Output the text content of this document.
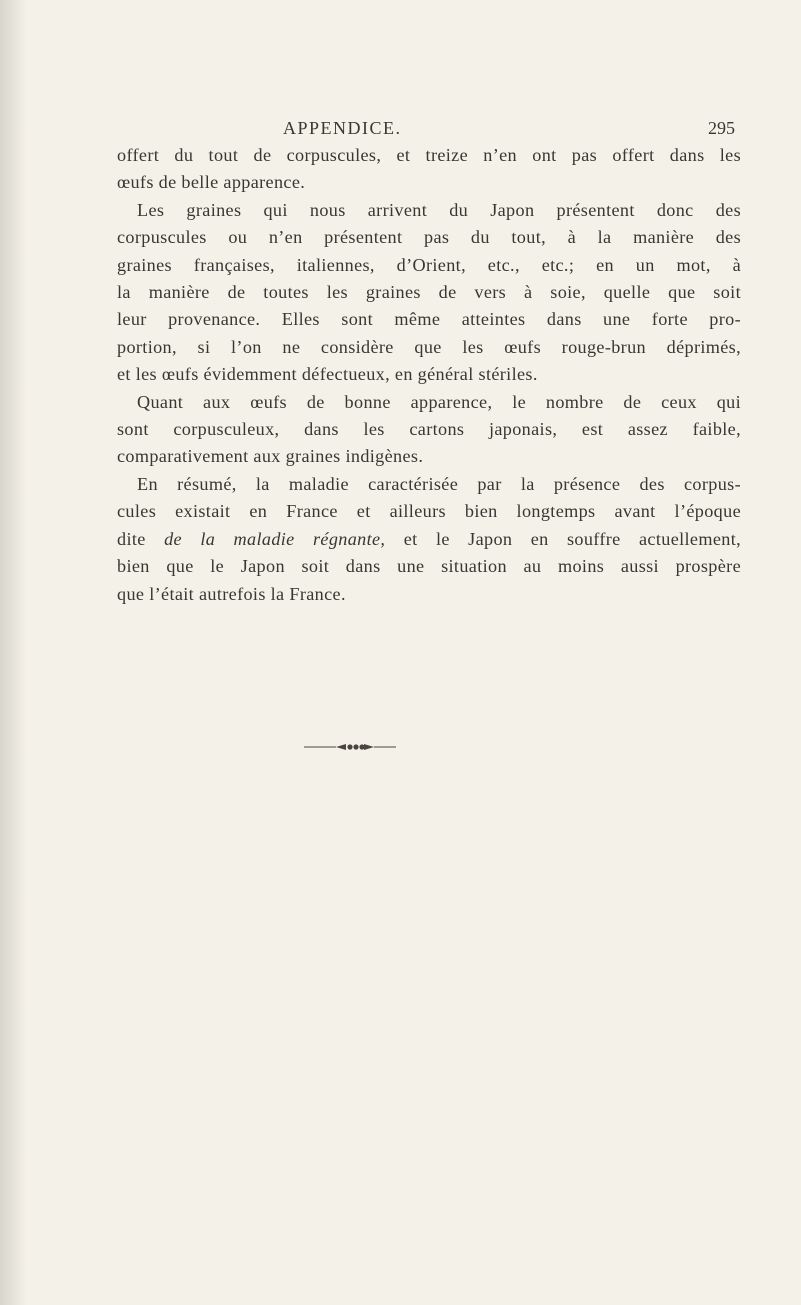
APPENDICE.	295
offert du tout de corpuscules, et treize n’en ont pas offert dans les
œufs de belle apparence.
Les graines qui nous arrivent du Japon présentent donc des
corpuscules ou n’en présentent pas du tout, à la manière des
graines françaises, italiennes, d’Orient, etc., etc.; en un mot, à
la manière de toutes les graines de vers à soie, quelle que soit
leur provenance. Elles sont même atteintes dans une forte pro-
portion, si l’on ne considère que les œufs rouge-brun déprimés,
et les œufs évidemment défectueux, en général stériles.
Quant aux œufs de bonne apparence, le nombre de ceux qui
sont corpusculeux, dans les cartons japonais, est assez faible,
comparativement aux graines indigènes.
En résumé, la maladie caractérisée par la présence des corpus-
cules existait en France et ailleurs bien longtemps avant l’époque
dite de la maladie régnante, et le Japon en souffre actuellement,
bien que le Japon soit dans une situation au moins aussi prospère
que l’était autrefois la France.
